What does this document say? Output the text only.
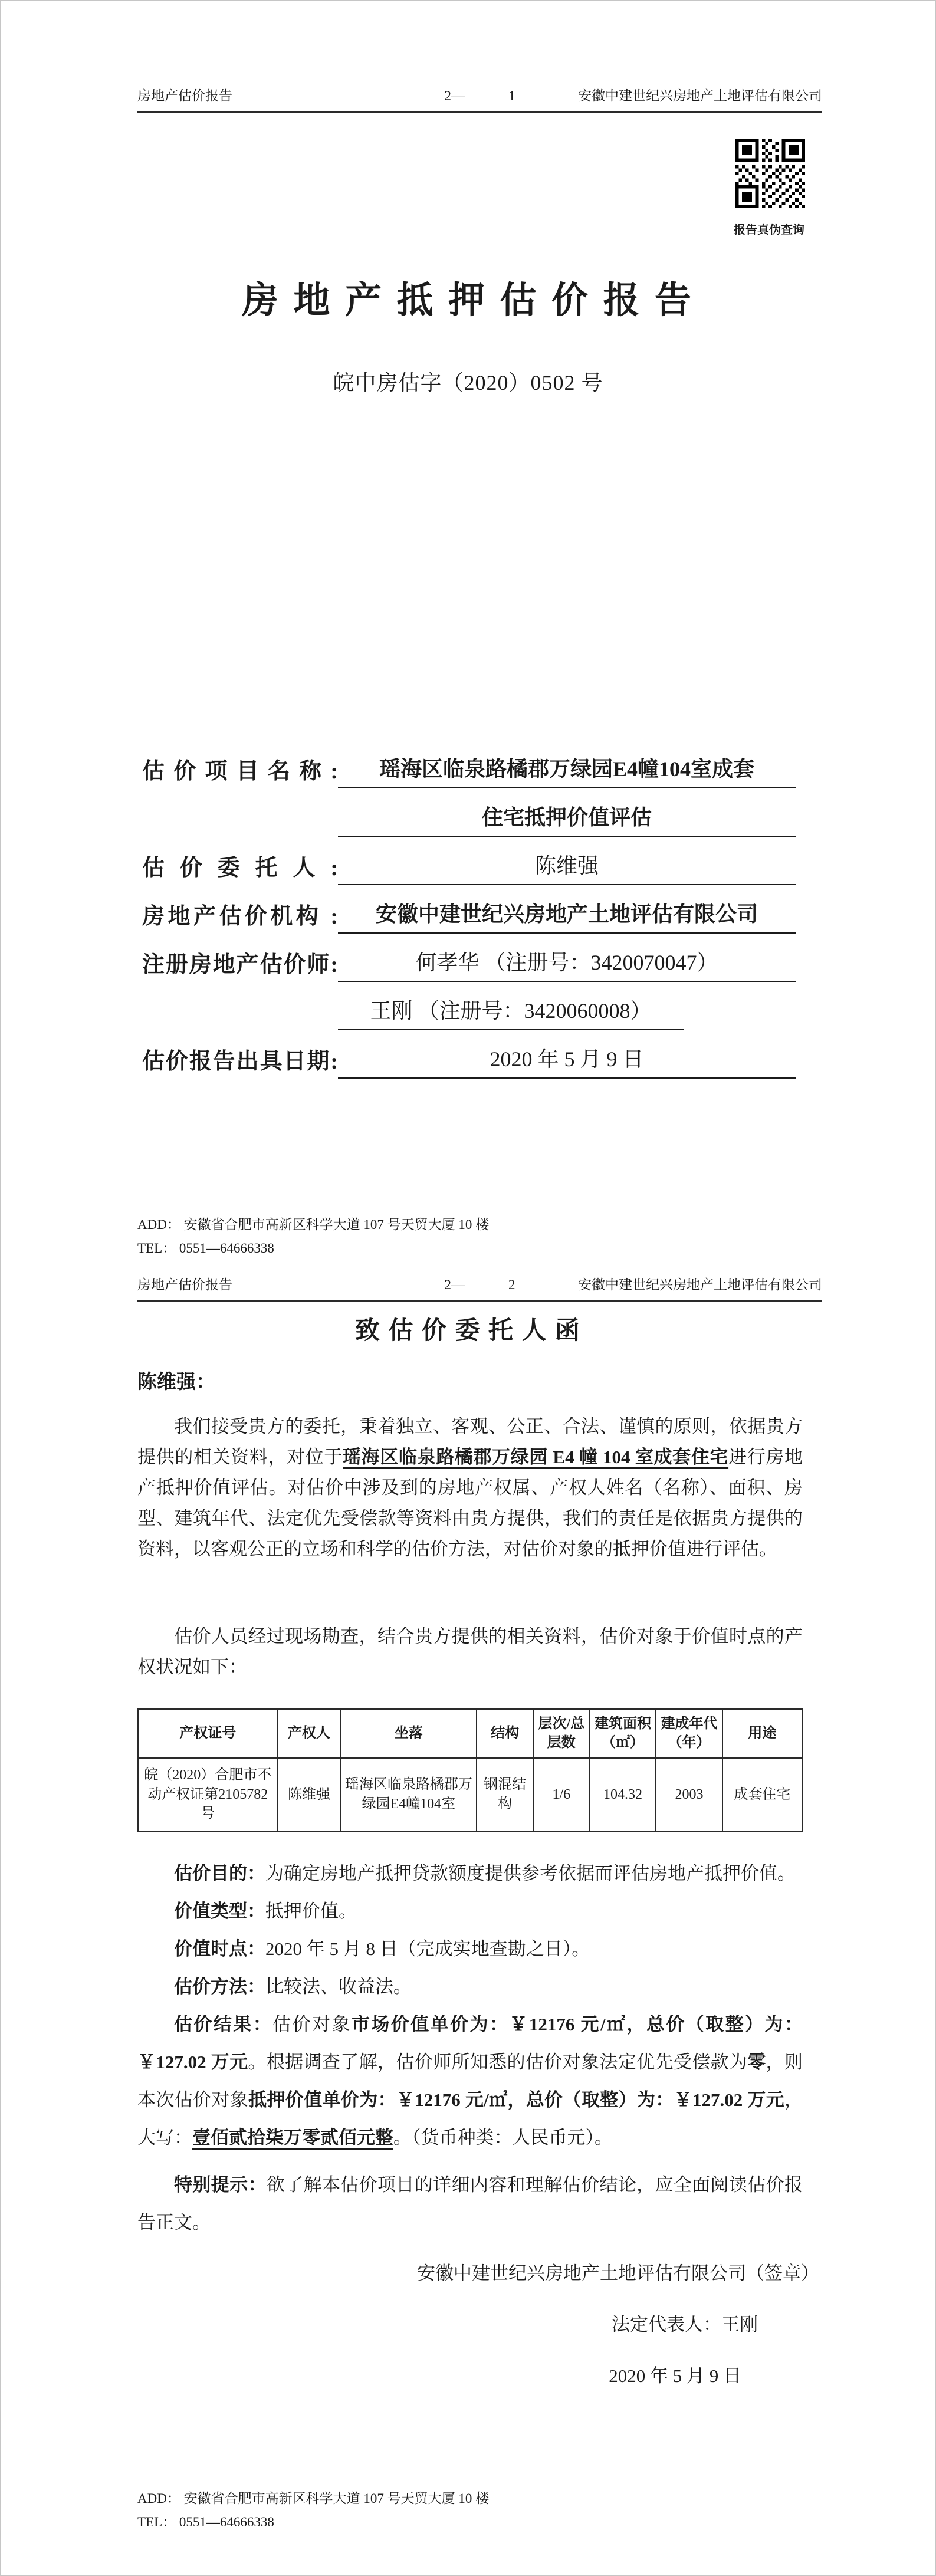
房地产估价报告	2—	1	安徽中建世纪兴房地产土地评估有限公司
报告真伪查询
房 地 产 抵 押 估 价 报 告
皖中房估字（2020）0502 号
估 价 项 目 名 称 :	瑶海区临泉路橘郡万绿园E4幢104室成套
住宅抵押价值评估
估 价 委 托 人 :	陈维强
房地产估价机构 :	安徽中建世纪兴房地产土地评估有限公司
注册房地产估价师:	何孝华 （注册号：3420070047）
王刚 （注册号：3420060008）
估价报告出具日期:	2020 年 5 月 9 日
ADD： 安徽省合肥市高新区科学大道 107 号天贸大厦 10 楼
TEL： 0551—64666338
房地产估价报告	2—	2	安徽中建世纪兴房地产土地评估有限公司
致 估 价 委 托 人 函
陈维强：
我们接受贵方的委托，秉着独立、客观、公正、合法、谨慎的原则，依据贵方提供的相关资料，对位于瑶海区临泉路橘郡万绿园 E4 幢 104 室成套住宅进行房地产抵押价值评估。对估价中涉及到的房地产权属、产权人姓名（名称）、面积、房型、建筑年代、法定优先受偿款等资料由贵方提供，我们的责任是依据贵方提供的资料，以客观公正的立场和科学的估价方法，对估价对象的抵押价值进行评估。
估价人员经过现场勘查，结合贵方提供的相关资料，估价对象于价值时点的产权状况如下：
产权证号	产权人	坐落	结构	层次/总层数	建筑面积（㎡）	建成年代（年）	用途
皖（2020）合肥市不动产权证第2105782号	陈维强	瑶海区临泉路橘郡万绿园E4幢104室	钢混结构	1/6	104.32	2003	成套住宅

估价目的：为确定房地产抵押贷款额度提供参考依据而评估房地产抵押价值。

价值类型：抵押价值。

价值时点：2020 年 5 月 8 日（完成实地查勘之日）。

估价方法：比较法、收益法。

估价结果：估价对象市场价值单价为：￥12176 元/㎡，总价（取整）为：￥127.02 万元。根据调查了解，估价师所知悉的估价对象法定优先受偿款为零，则本次估价对象抵押价值单价为：￥12176 元/㎡，总价（取整）为：￥127.02 万元，大写：壹佰贰拾柒万零贰佰元整。（货币种类：人民币元）。

特别提示：欲了解本估价项目的详细内容和理解估价结论，应全面阅读估价报告正文。

安徽中建世纪兴房地产土地评估有限公司（签章）
法定代表人：王刚
2020 年 5 月 9 日
ADD： 安徽省合肥市高新区科学大道 107 号天贸大厦 10 楼
TEL： 0551—64666338
